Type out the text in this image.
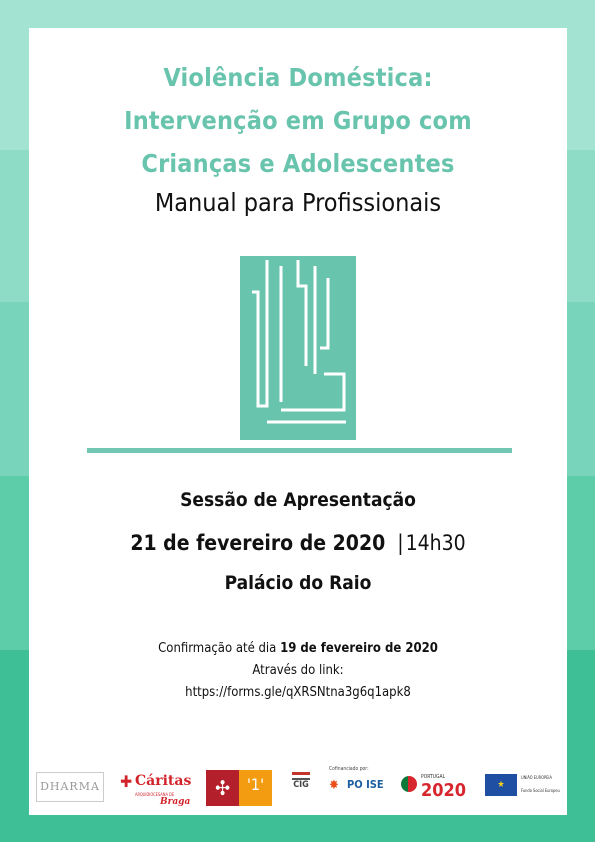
Violência Doméstica:
Intervenção em Grupo com
Crianças e Adolescentes
Manual para Profissionais
Sessão de Apresentação
21 de fevereiro de 2020 |14h30
Palácio do Raio
Confirmação até dia 19 de fevereiro de 2020
Através do link:
https://forms.gle/qXRSNtna3g6q1apk8
DHARMA ✚ Cáritas
ARQUIDIOCESANA DE
Braga
✣	'1'	CIG
Cofinanciado por:
✸ PO ISE
PORTUGAL
2020	★
UNIÃO EUROPEIA
Fundo Social Europeu
